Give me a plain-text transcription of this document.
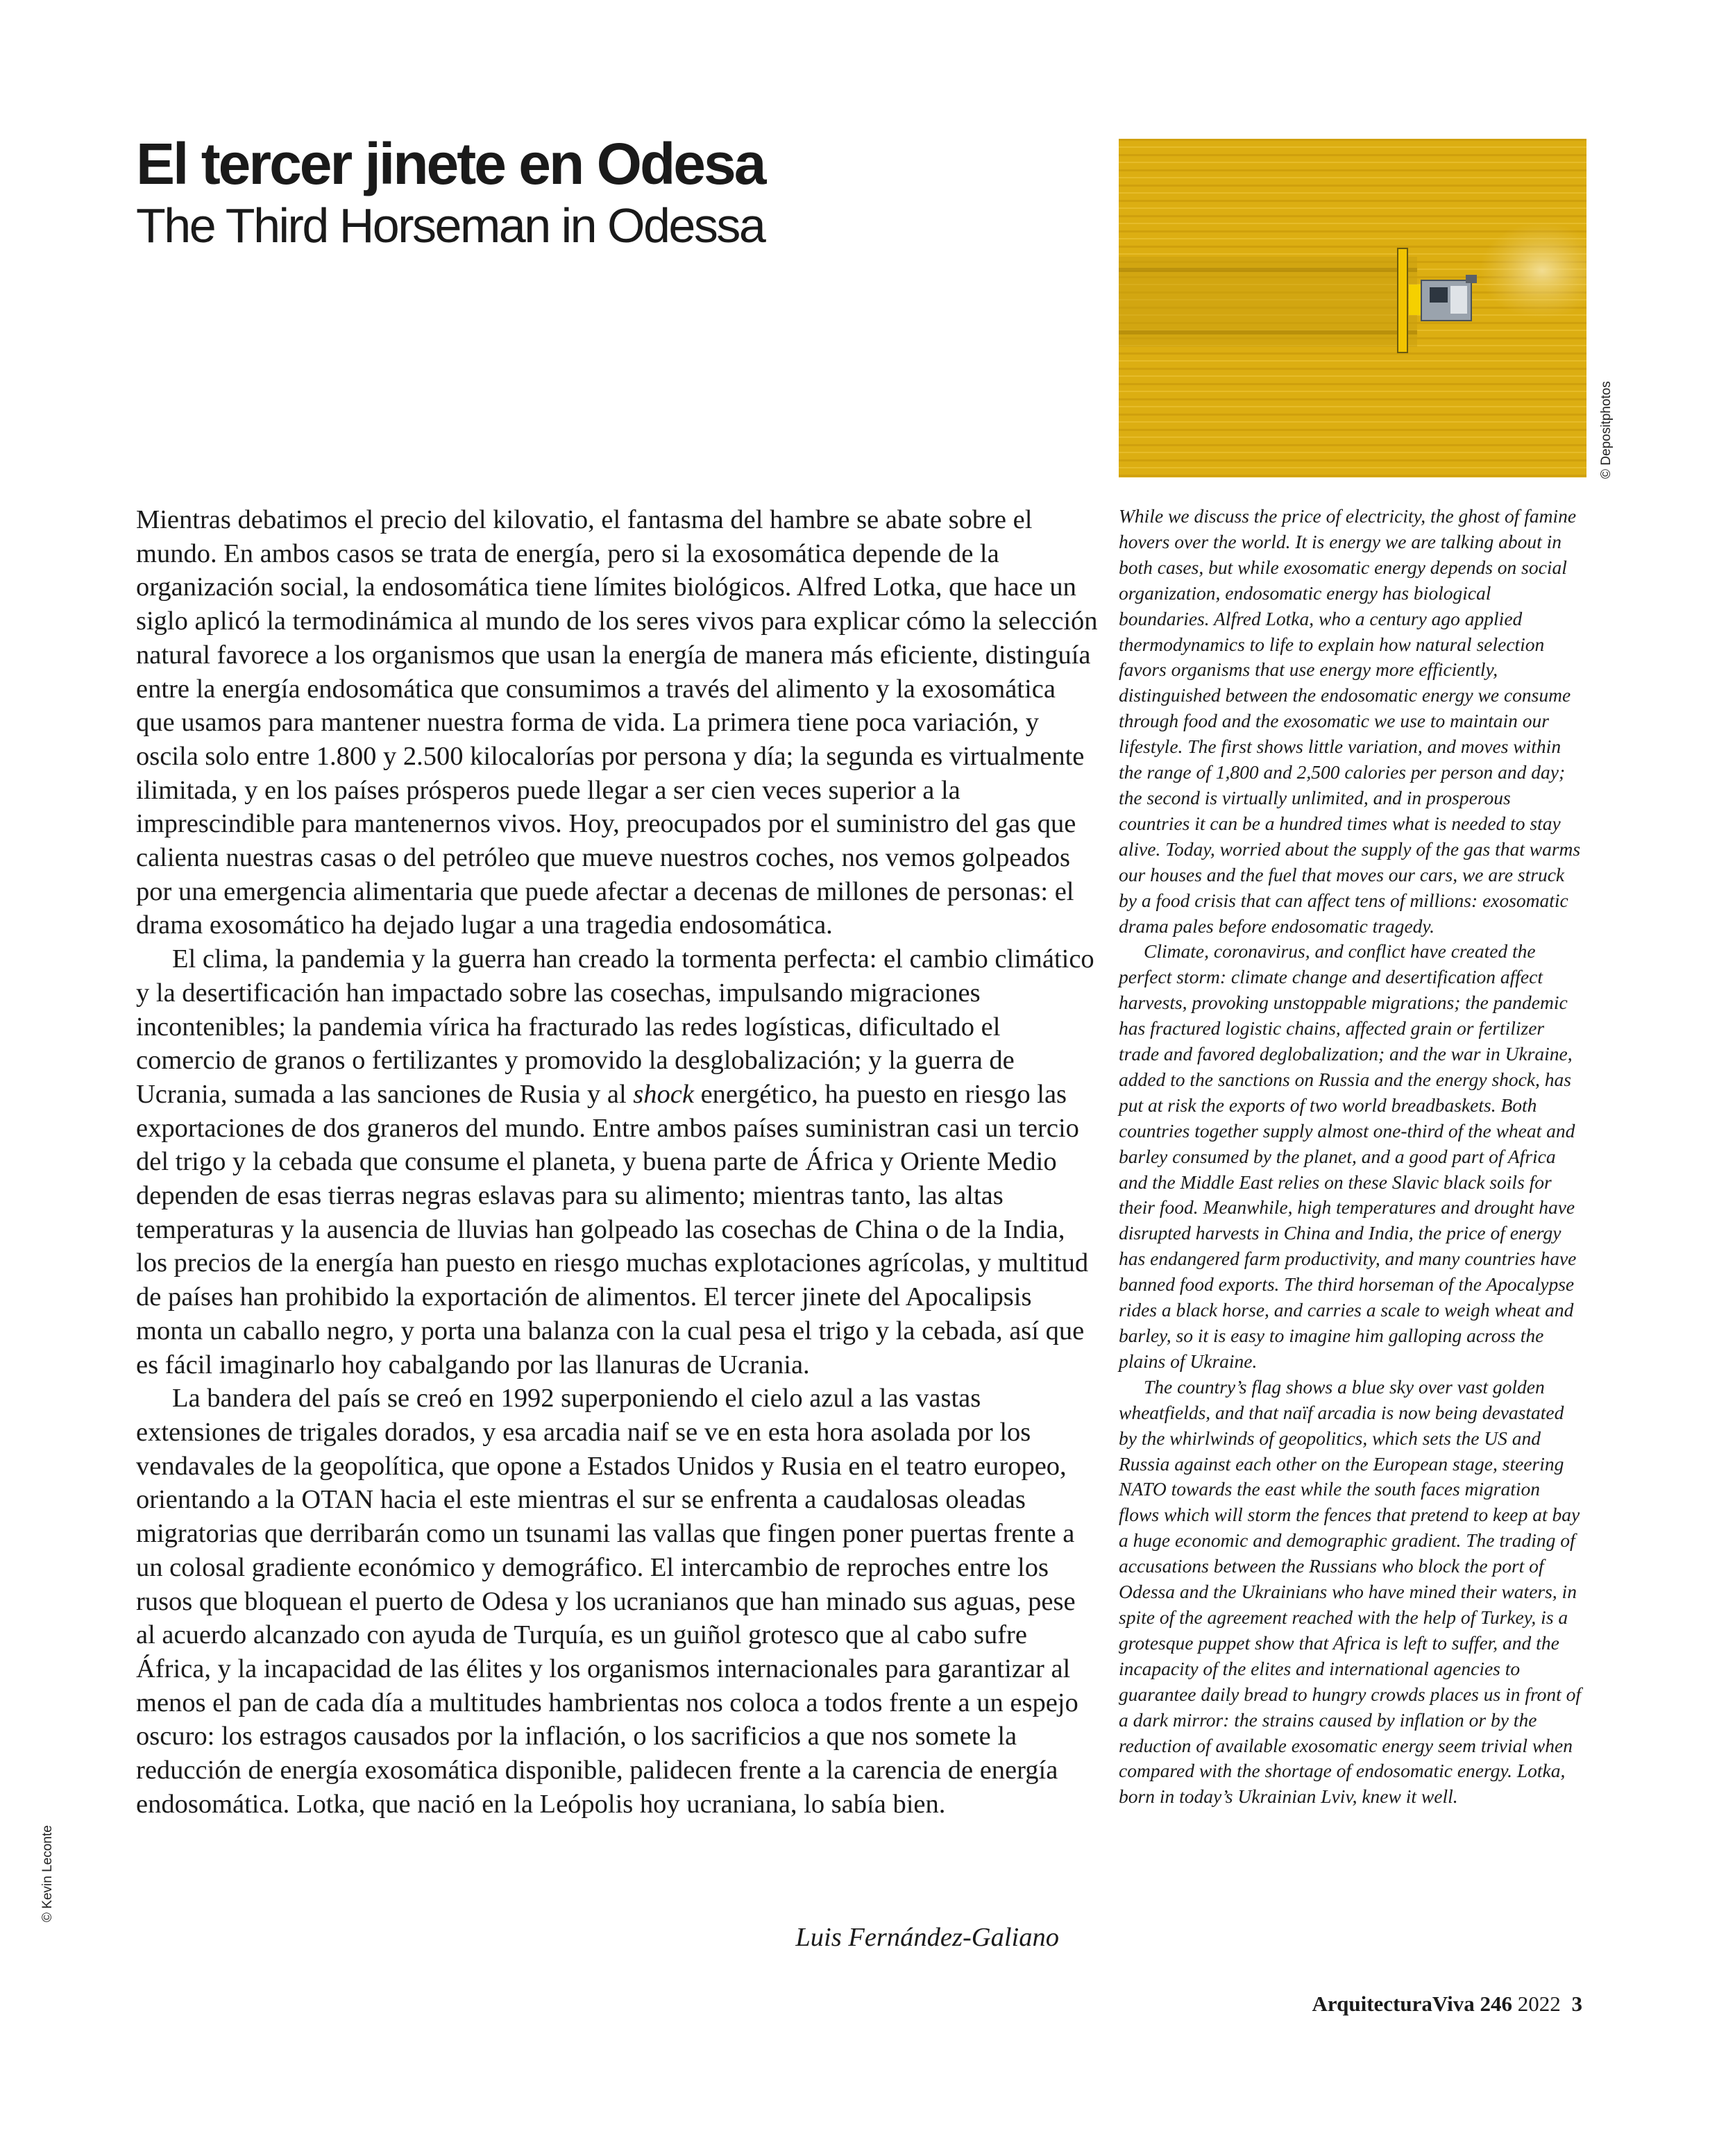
El tercer jinete en Odesa
The Third Horseman in Odessa
© Depositphotos
© Kevin Leconte

Mientras debatimos el precio del kilovatio, el fantasma del hambre se abate sobre el mundo. En ambos casos se trata de energía, pero si la exosomática depende de la organización social, la endosomática tiene límites biológicos. Alfred Lotka, que hace un siglo aplicó la termodinámica al mundo de los seres vivos para explicar cómo la selección natural favorece a los organismos que usan la energía de manera más eficiente, distinguía entre la energía endosomática que consumimos a través del alimento y la exosomática que usamos para mantener nuestra forma de vida. La primera tiene poca variación, y oscila solo entre 1.800 y 2.500 kilocalorías por persona y día; la segunda es virtualmente ilimitada, y en los países prósperos puede llegar a ser cien veces superior a la imprescindible para mantenernos vivos. Hoy, preocupados por el suministro del gas que calienta nuestras casas o del petróleo que mueve nuestros coches, nos vemos golpeados por una emergencia alimentaria que puede afectar a decenas de millones de personas: el drama exosomático ha dejado lugar a una tragedia endosomática.

El clima, la pandemia y la guerra han creado la tormenta perfecta: el cambio climático y la desertificación han impactado sobre las cosechas, impulsando migraciones incontenibles; la pandemia vírica ha fracturado las redes logísticas, dificultado el comercio de granos o fertilizantes y promovido la desglobalización; y la guerra de Ucrania, sumada a las sanciones de Rusia y al shock energético, ha puesto en riesgo las exportaciones de dos graneros del mundo. Entre ambos países suministran casi un tercio del trigo y la cebada que consume el planeta, y buena parte de África y Oriente Medio dependen de esas tierras negras eslavas para su alimento; mientras tanto, las altas temperaturas y la ausencia de lluvias han golpeado las cosechas de China o de la India, los precios de la energía han puesto en riesgo muchas explotaciones agrícolas, y multitud de países han prohibido la exportación de alimentos. El tercer jinete del Apocalipsis monta un caballo negro, y porta una balanza con la cual pesa el trigo y la cebada, así que es fácil imaginarlo hoy cabalgando por las llanuras de Ucrania.

La bandera del país se creó en 1992 superponiendo el cielo azul a las vastas extensiones de trigales dorados, y esa arcadia naif se ve en esta hora asolada por los vendavales de la geopolítica, que opone a Estados Unidos y Rusia en el teatro europeo, orientando a la OTAN hacia el este mientras el sur se enfrenta a caudalosas oleadas migratorias que derribarán como un tsunami las vallas que fingen poner puertas frente a un colosal gradiente económico y demográfico. El intercambio de reproches entre los rusos que bloquean el puerto de Odesa y los ucranianos que han minado sus aguas, pese al acuerdo alcanzado con ayuda de Turquía, es un guiñol grotesco que al cabo sufre África, y la incapacidad de las élites y los organismos internacionales para garantizar al menos el pan de cada día a multitudes hambrientas nos coloca a todos frente a un espejo oscuro: los estragos causados por la inflación, o los sacrificios a que nos somete la reducción de energía exosomática disponible, palidecen frente a la carencia de energía endosomática. Lotka, que nació en la Leópolis hoy ucraniana, lo sabía bien.

Luis Fernández-Galiano

While we discuss the price of electricity, the ghost of famine hovers over the world. It is energy we are talking about in both cases, but while exosomatic energy depends on social organization, endosomatic energy has biological boundaries. Alfred Lotka, who a century ago applied thermodynamics to life to explain how natural selection favors organisms that use energy more efficiently, distinguished between the endosomatic energy we consume through food and the exosomatic we use to maintain our lifestyle. The first shows little variation, and moves within the range of 1,800 and 2,500 calories per person and day; the second is virtually unlimited, and in prosperous countries it can be a hundred times what is needed to stay alive. Today, worried about the supply of the gas that warms our houses and the fuel that moves our cars, we are struck by a food crisis that can affect tens of millions: exosomatic drama pales before endosomatic tragedy.

Climate, coronavirus, and conflict have created the perfect storm: climate change and desertification affect harvests, provoking unstoppable migrations; the pandemic has fractured logistic chains, affected grain or fertilizer trade and favored deglobalization; and the war in Ukraine, added to the sanctions on Russia and the energy shock, has put at risk the exports of two world breadbaskets. Both countries together supply almost one-third of the wheat and barley consumed by the planet, and a good part of Africa and the Middle East relies on these Slavic black soils for their food. Meanwhile, high temperatures and drought have disrupted harvests in China and India, the price of energy has endangered farm productivity, and many countries have banned food exports. The third horseman of the Apocalypse rides a black horse, and carries a scale to weigh wheat and barley, so it is easy to imagine him galloping across the plains of Ukraine.

The country’s flag shows a blue sky over vast golden wheatfields, and that naïf arcadia is now being devastated by the whirlwinds of geopolitics, which sets the US and Russia against each other on the European stage, steering NATO towards the east while the south faces migration flows which will storm the fences that pretend to keep at bay a huge economic and demographic gradient. The trading of accusations between the Russians who block the port of Odessa and the Ukrainians who have mined their waters, in spite of the agreement reached with the help of Turkey, is a grotesque puppet show that Africa is left to suffer, and the incapacity of the elites and international agencies to guarantee daily bread to hungry crowds places us in front of a dark mirror: the strains caused by inflation or by the reduction of available exosomatic energy seem trivial when compared with the shortage of endosomatic energy. Lotka, born in today’s Ukrainian Lviv, knew it well.

ArquitecturaViva 246 2022 3
